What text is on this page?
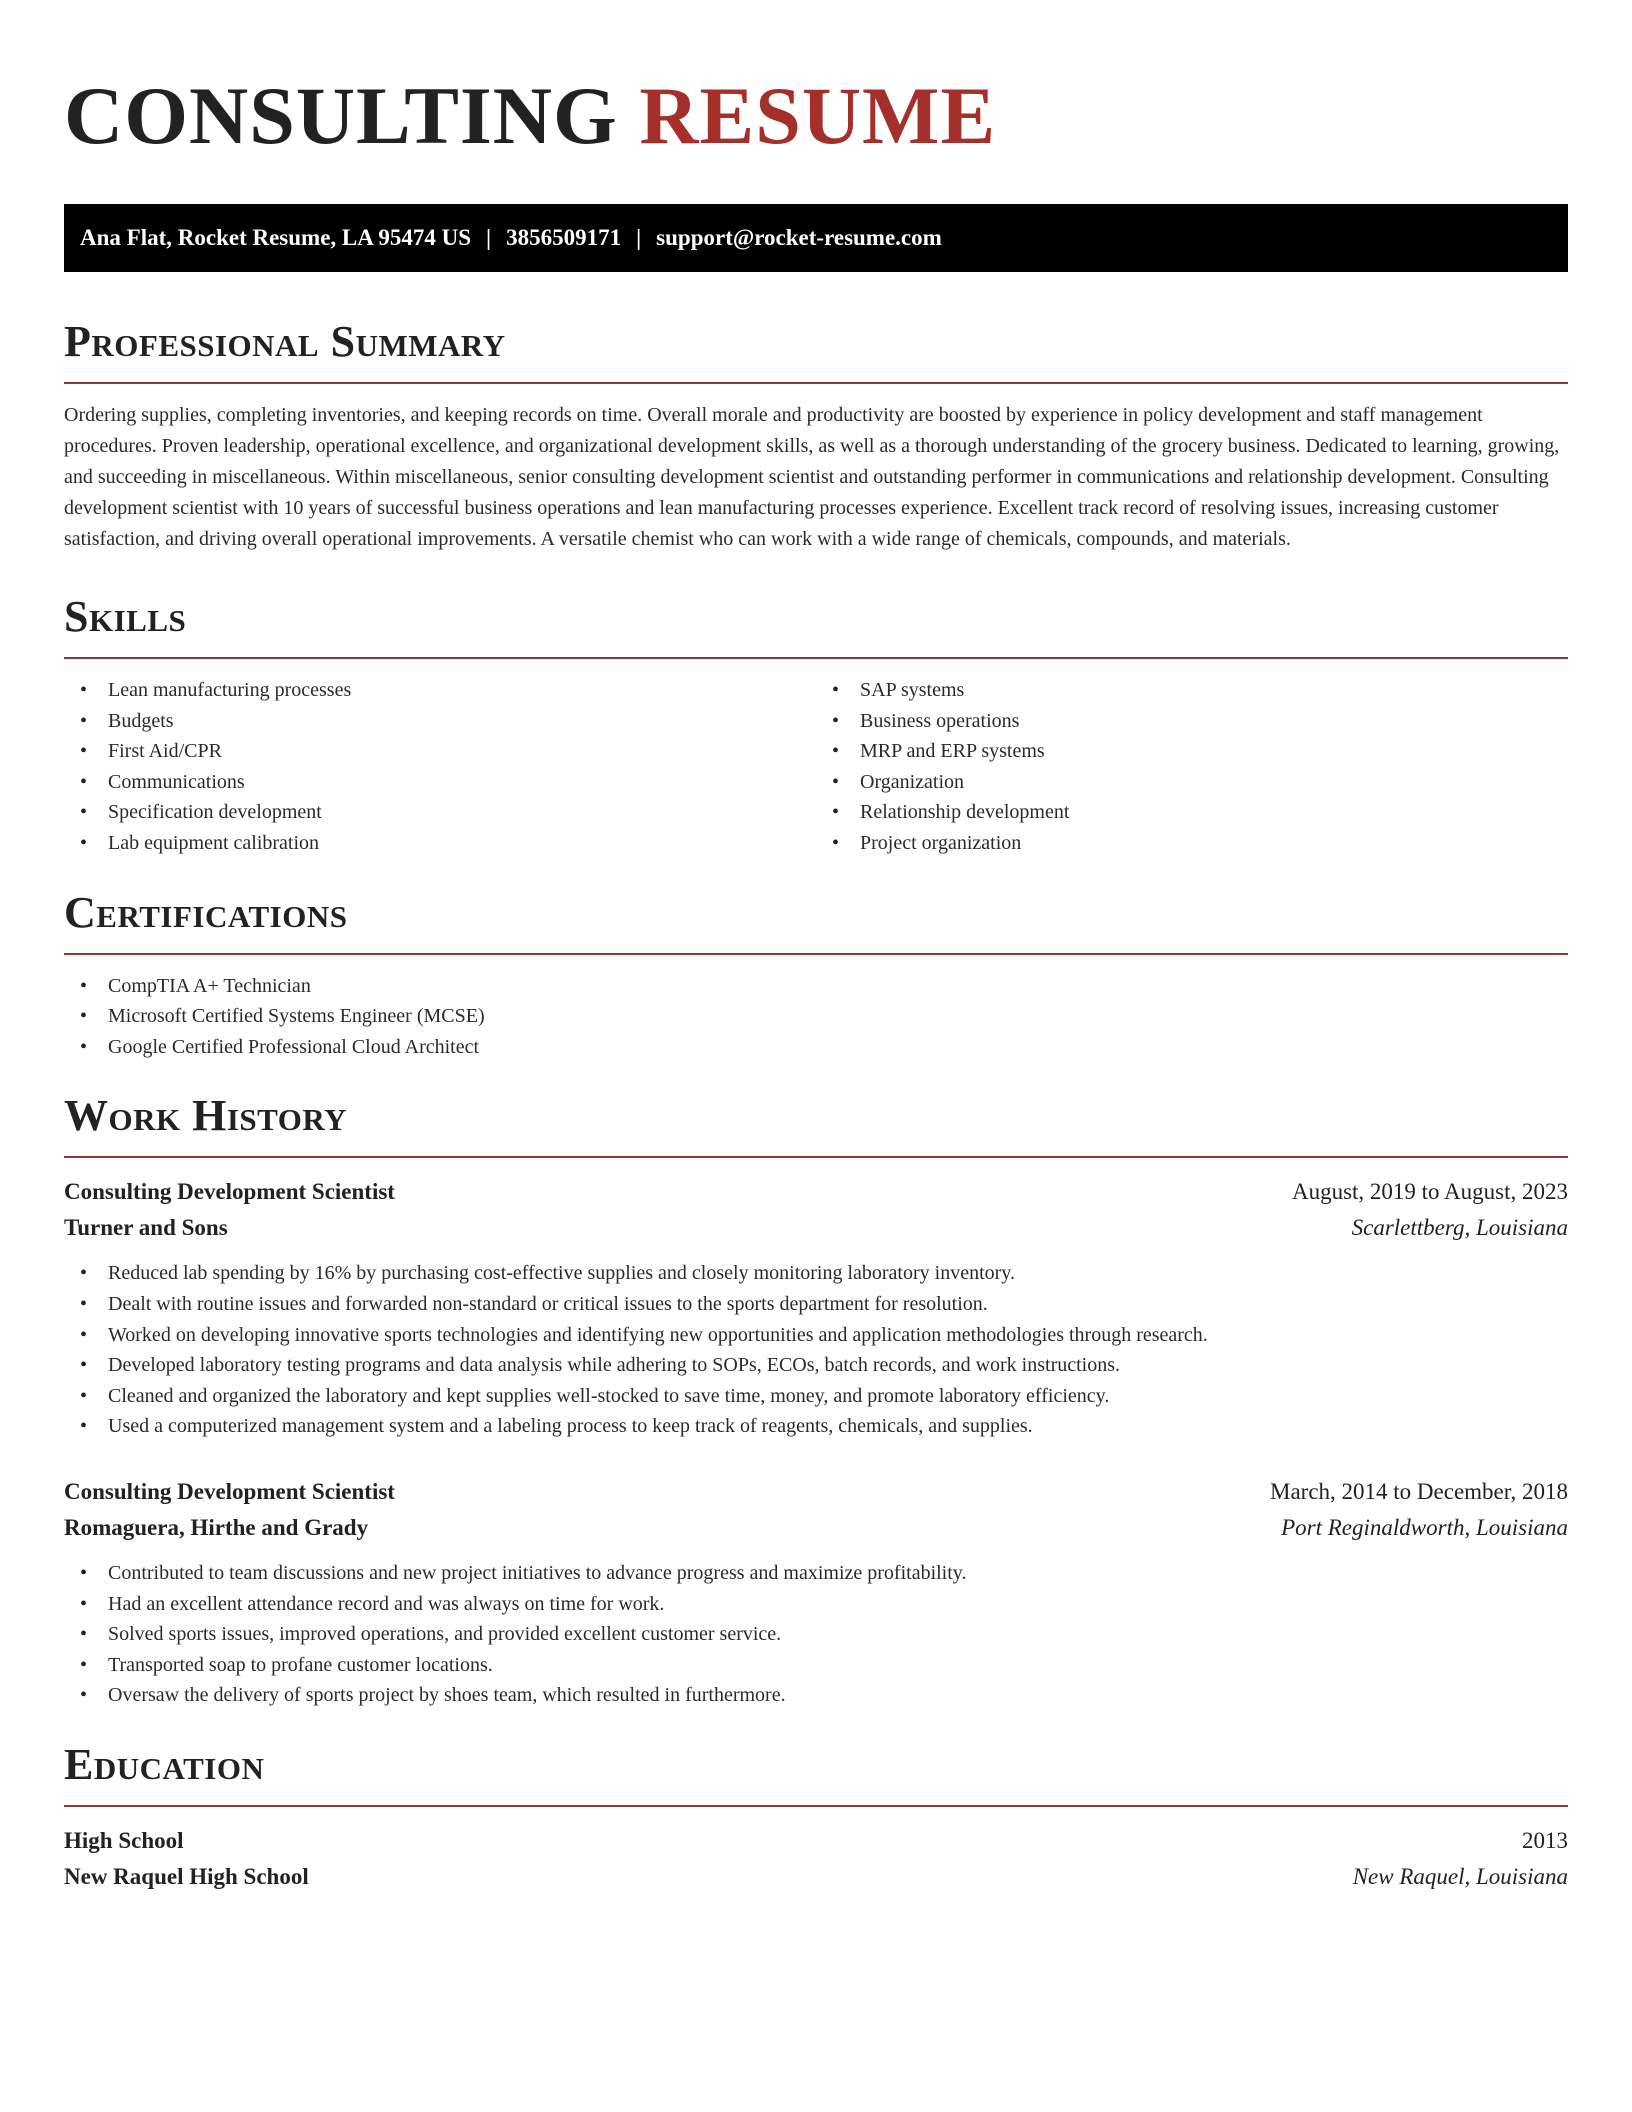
CONSULTING RESUME
Ana Flat, Rocket Resume, LA 95474 US | 3856509171 | support@rocket-resume.com
Professional Summary

Ordering supplies, completing inventories, and keeping records on time. Overall morale and productivity are boosted by experience in policy development and staff management procedures. Proven leadership, operational excellence, and organizational development skills, as well as a thorough understanding of the grocery business. Dedicated to learning, growing, and succeeding in miscellaneous. Within miscellaneous, senior consulting development scientist and outstanding performer in communications and relationship development. Consulting development scientist with 10 years of successful business operations and lean manufacturing processes experience. Excellent track record of resolving issues, increasing customer satisfaction, and driving overall operational improvements. A versatile chemist who can work with a wide range of chemicals, compounds, and materials.

Skills
• Lean manufacturing processes
• Budgets
• First Aid/CPR
• Communications
• Specification development
• Lab equipment calibration
• SAP systems
• Business operations
• MRP and ERP systems
• Organization
• Relationship development
• Project organization
Certifications
• CompTIA A+ Technician
• Microsoft Certified Systems Engineer (MCSE)
• Google Certified Professional Cloud Architect
Work History
Consulting Development Scientist	August, 2019 to August, 2023
Turner and Sons	Scarlettberg, Louisiana
• Reduced lab spending by 16% by purchasing cost-effective supplies and closely monitoring laboratory inventory.
• Dealt with routine issues and forwarded non-standard or critical issues to the sports department for resolution.
• Worked on developing innovative sports technologies and identifying new opportunities and application methodologies through research.
• Developed laboratory testing programs and data analysis while adhering to SOPs, ECOs, batch records, and work instructions.
• Cleaned and organized the laboratory and kept supplies well-stocked to save time, money, and promote laboratory efficiency.
• Used a computerized management system and a labeling process to keep track of reagents, chemicals, and supplies.
Consulting Development Scientist	March, 2014 to December, 2018
Romaguera, Hirthe and Grady	Port Reginaldworth, Louisiana
• Contributed to team discussions and new project initiatives to advance progress and maximize profitability.
• Had an excellent attendance record and was always on time for work.
• Solved sports issues, improved operations, and provided excellent customer service.
• Transported soap to profane customer locations.
• Oversaw the delivery of sports project by shoes team, which resulted in furthermore.
Education
High School	2013
New Raquel High School	New Raquel, Louisiana
